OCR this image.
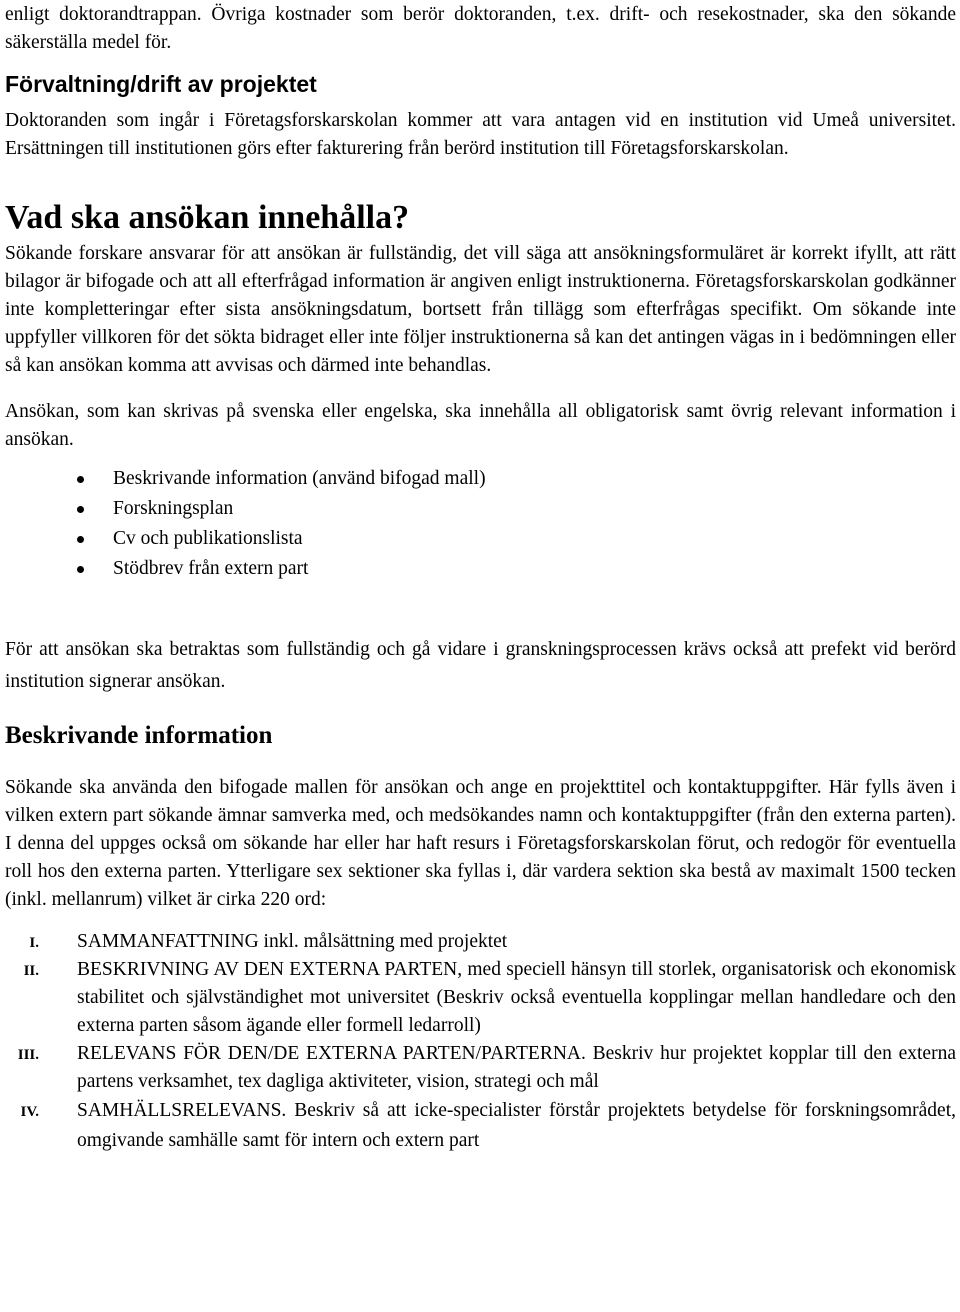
enligt doktorandtrappan. Övriga kostnader som berör doktoranden, t.ex. drift- och resekostnader, ska den sökande säkerställa medel för.

Förvaltning/drift av projektet

Doktoranden som ingår i Företagsforskarskolan kommer att vara antagen vid en institution vid Umeå universitet. Ersättningen till institutionen görs efter fakturering från berörd institution till Företagsforskarskolan.

Vad ska ansökan innehålla?

Sökande forskare ansvarar för att ansökan är fullständig, det vill säga att ansökningsformuläret är korrekt ifyllt, att rätt bilagor är bifogade och att all efterfrågad information är angiven enligt instruktionerna. Företagsforskarskolan godkänner inte kompletteringar efter sista ansökningsdatum, bortsett från tillägg som efterfrågas specifikt. Om sökande inte uppfyller villkoren för det sökta bidraget eller inte följer instruktionerna så kan det antingen vägas in i bedömningen eller så kan ansökan komma att avvisas och därmed inte behandlas.

Ansökan, som kan skrivas på svenska eller engelska, ska innehålla all obligatorisk samt övrig relevant information i ansökan.

Beskrivande information (använd bifogad mall)
Forskningsplan
Cv och publikationslista
Stödbrev från extern part

För att ansökan ska betraktas som fullständig och gå vidare i granskningsprocessen krävs också att prefekt vid berörd institution signerar ansökan.

Beskrivande information

Sökande ska använda den bifogade mallen för ansökan och ange en projekttitel och kontaktuppgifter. Här fylls även i vilken extern part sökande ämnar samverka med, och medsökandes namn och kontaktuppgifter (från den externa parten). I denna del uppges också om sökande har eller har haft resurs i Företagsforskarskolan förut, och redogör för eventuella roll hos den externa parten. Ytterligare sex sektioner ska fyllas i, där vardera sektion ska bestå av maximalt 1500 tecken (inkl. mellanrum) vilket är cirka 220 ord:

I. SAMMANFATTNING inkl. målsättning med projektet
II. BESKRIVNING AV DEN EXTERNA PARTEN, med speciell hänsyn till storlek, organisatorisk och ekonomisk stabilitet och självständighet mot universitet (Beskriv också eventuella kopplingar mellan handledare och den externa parten såsom ägande eller formell ledarroll)
III. RELEVANS FÖR DEN/DE EXTERNA PARTEN/PARTERNA. Beskriv hur projektet kopplar till den externa partens verksamhet, tex dagliga aktiviteter, vision, strategi och mål
IV. SAMHÄLLSRELEVANS. Beskriv så att icke-specialister förstår projektets betydelse för forskningsområdet, omgivande samhälle samt för intern och extern part
